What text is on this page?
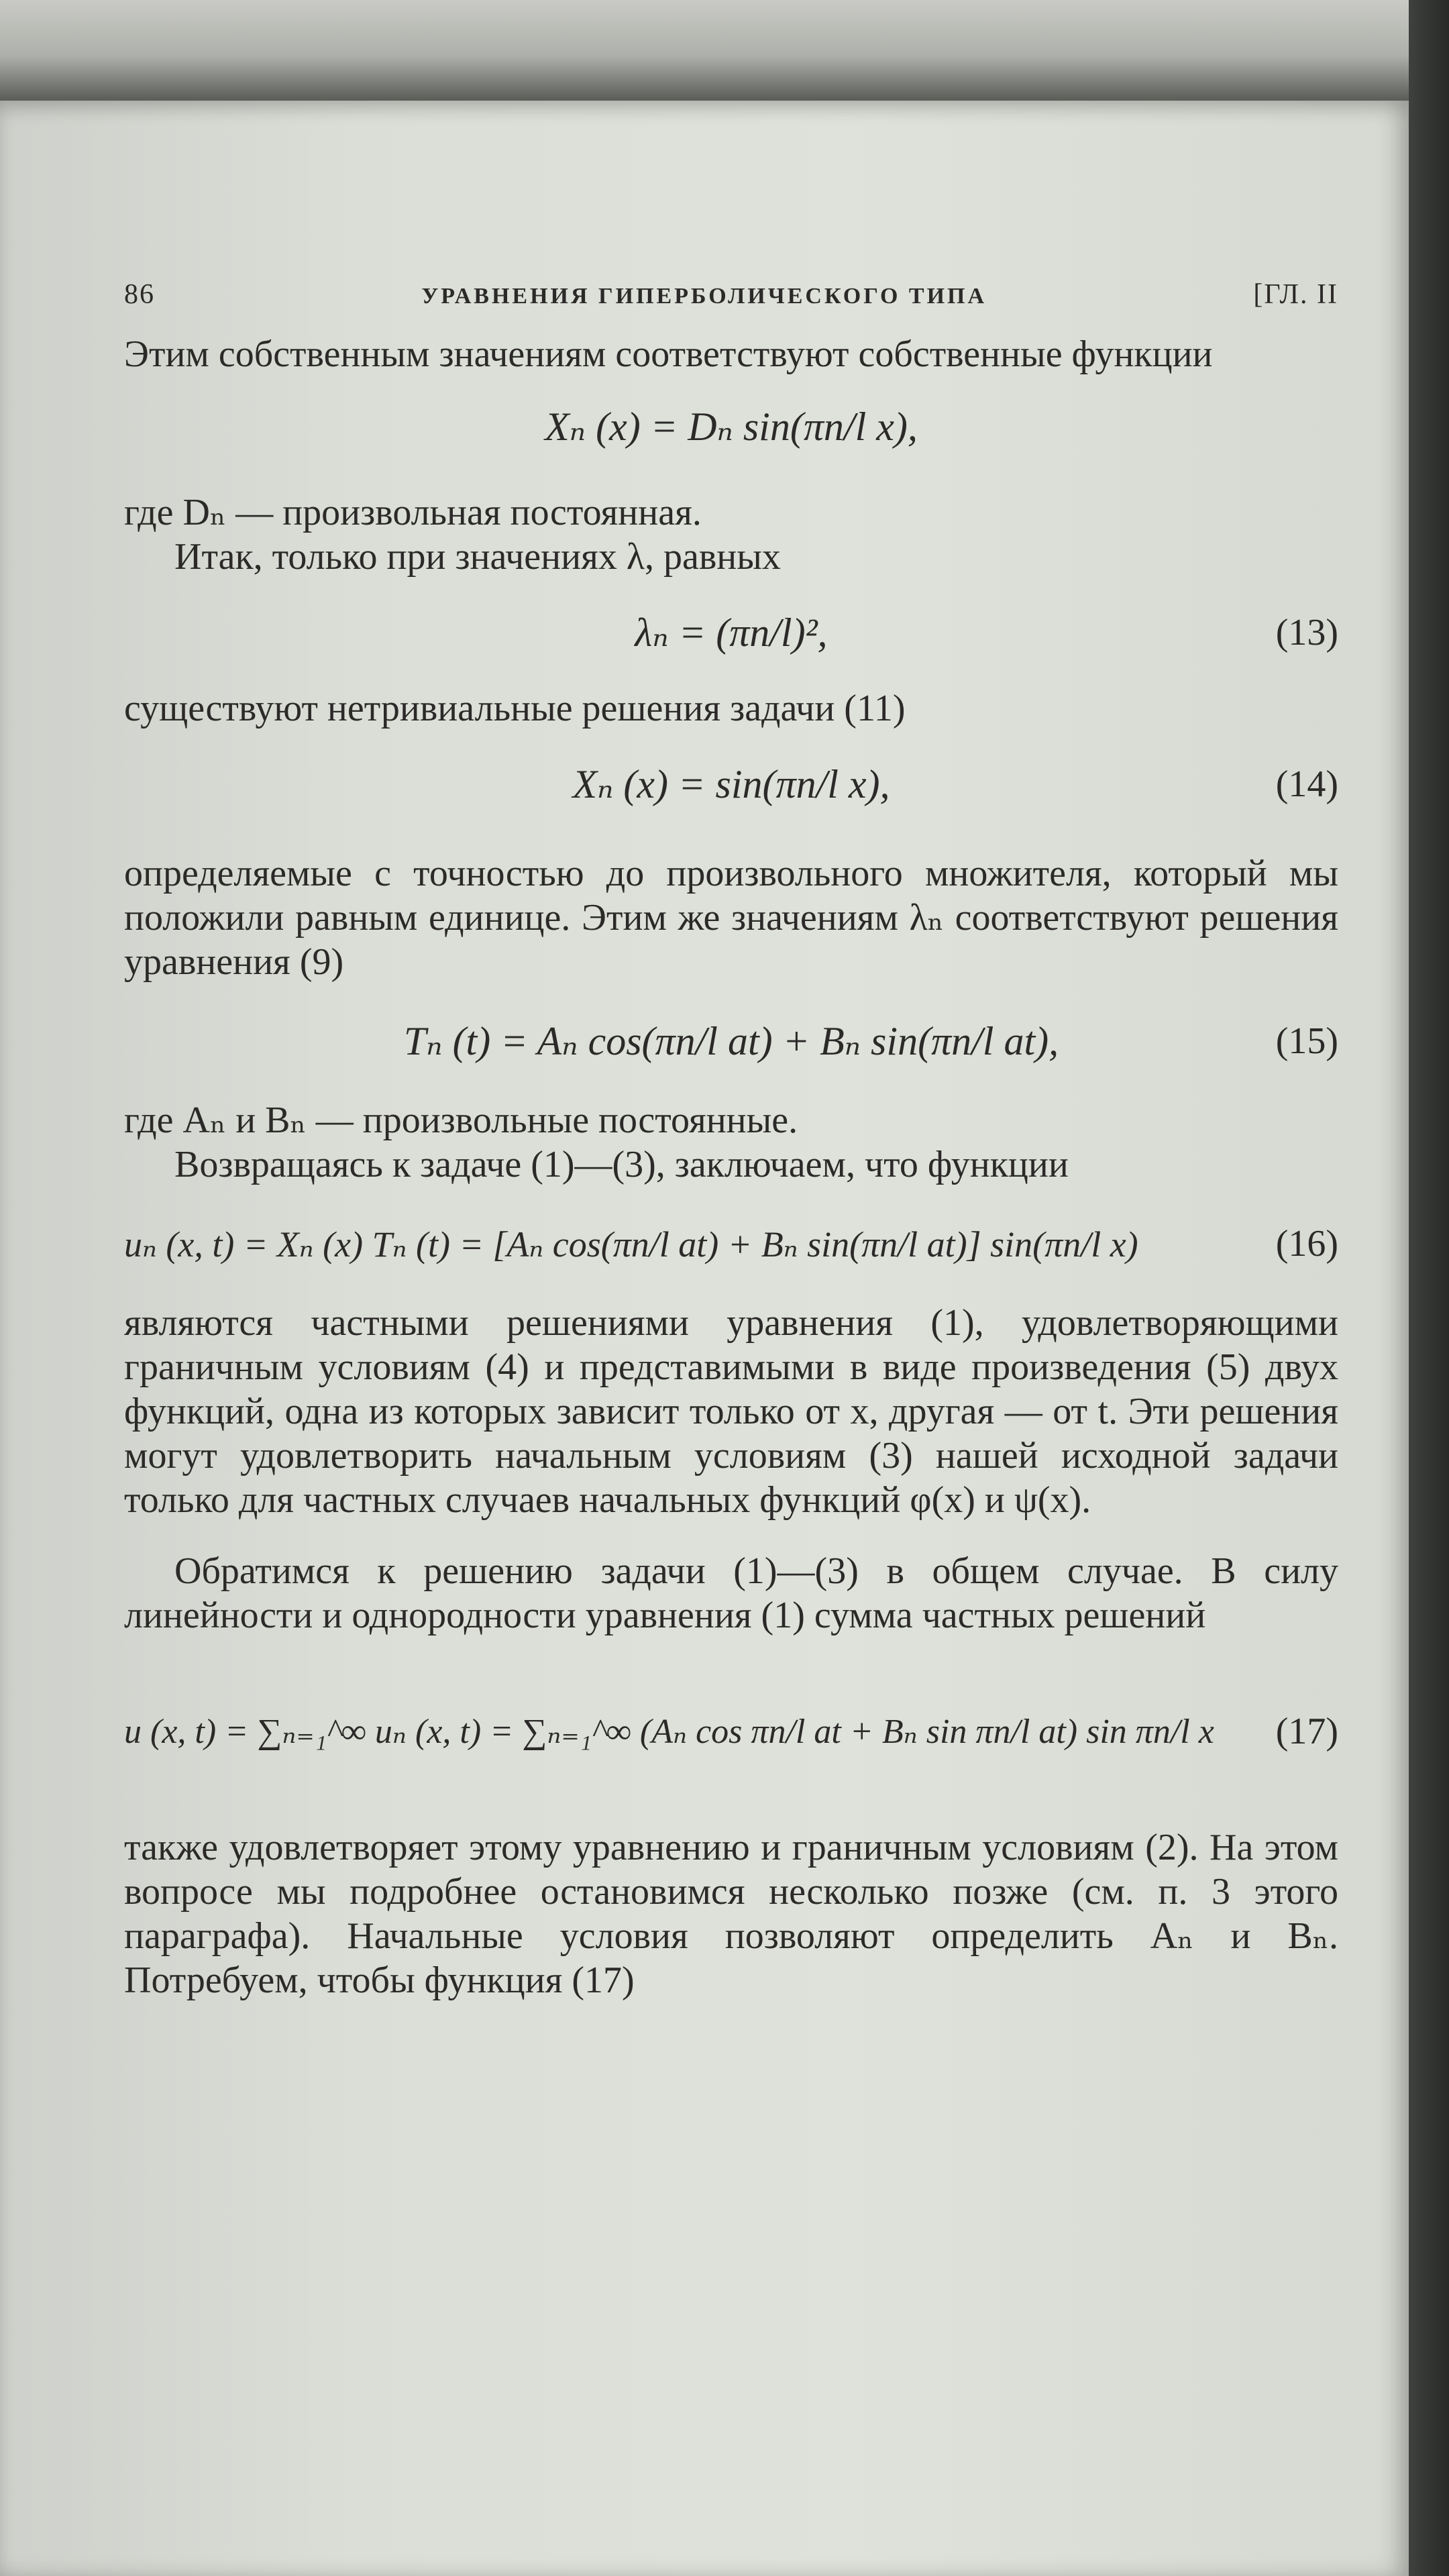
86	УРАВНЕНИЯ ГИПЕРБОЛИЧЕСКОГО ТИПА	[ГЛ. II

Этим собственным значениям соответствуют собственные функции

Xₙ (x) = Dₙ sin(πn/l x),

где Dₙ — произвольная постоянная.

Итак, только при значениях λ, равных

λₙ = (πn/l)²,	(13)

существуют нетривиальные решения задачи (11)

Xₙ (x) = sin(πn/l x),	(14)

определяемые с точностью до произвольного множителя, который мы положили равным единице. Этим же значениям λₙ соответствуют решения уравнения (9)

Tₙ (t) = Aₙ cos(πn/l at) + Bₙ sin(πn/l at),	(15)

где Aₙ и Bₙ — произвольные постоянные.

Возвращаясь к задаче (1)—(3), заключаем, что функции

uₙ (x, t) = Xₙ (x) Tₙ (t) = [Aₙ cos(πn/l at) + Bₙ sin(πn/l at)] sin(πn/l x)	(16)

являются частными решениями уравнения (1), удовлетворяющими граничным условиям (4) и представимыми в виде произведения (5) двух функций, одна из которых зависит только от x, другая — от t. Эти решения могут удовлетворить начальным условиям (3) нашей исходной задачи только для частных случаев начальных функций φ(x) и ψ(x).

Обратимся к решению задачи (1)—(3) в общем случае. В силу линейности и однородности уравнения (1) сумма частных решений

u (x, t) = ∑ₙ₌₁^∞ uₙ (x, t) = ∑ₙ₌₁^∞ (Aₙ cos πn/l at + Bₙ sin πn/l at) sin πn/l x (17)

также удовлетворяет этому уравнению и граничным условиям (2). На этом вопросе мы подробнее остановимся несколько позже (см. п. 3 этого параграфа). Начальные условия позволяют определить Aₙ и Bₙ. Потребуем, чтобы функция (17)
